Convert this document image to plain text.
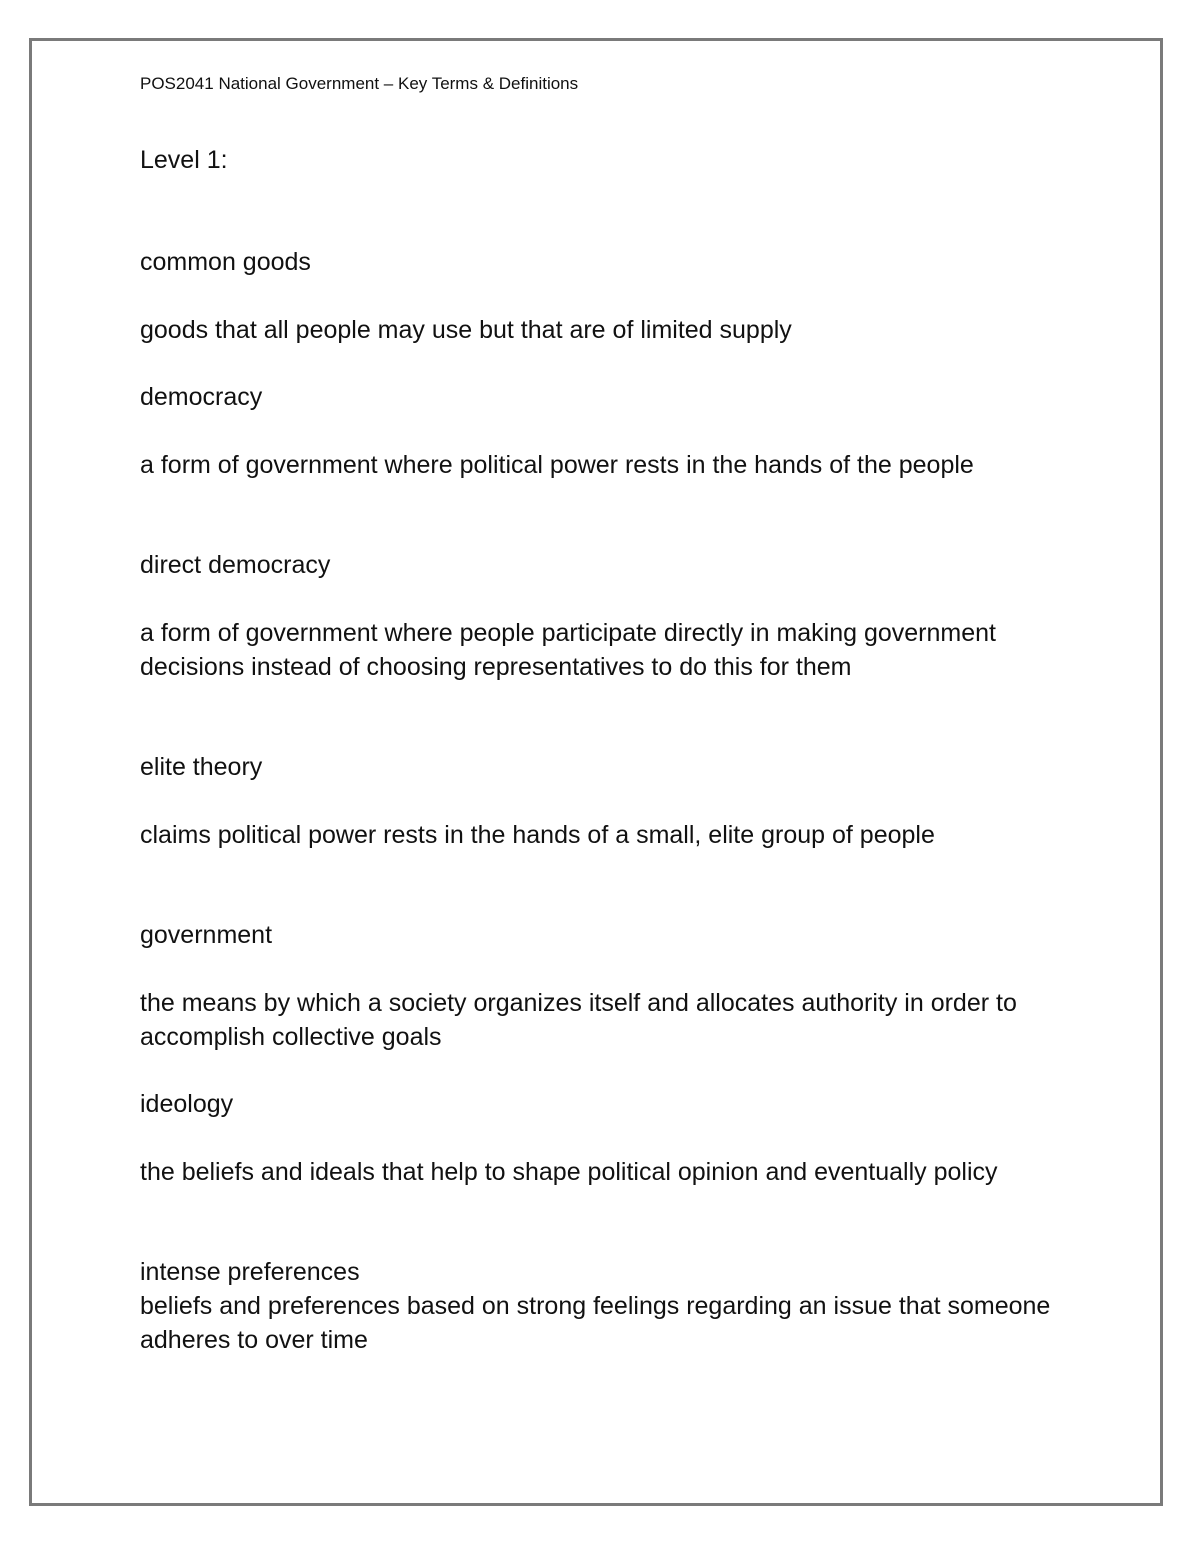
POS2041 National Government – Key Terms & Definitions
Level 1:

common goods

goods that all people may use but that are of limited supply

democracy

a form of government where political power rests in the hands of the people

direct democracy

a form of government where people participate directly in making government decisions instead of choosing representatives to do this for them

elite theory

claims political power rests in the hands of a small, elite group of people

government

the means by which a society organizes itself and allocates authority in order to accomplish collective goals

ideology

the beliefs and ideals that help to shape political opinion and eventually policy

intense preferences

beliefs and preferences based on strong feelings regarding an issue that someone adheres to over time
